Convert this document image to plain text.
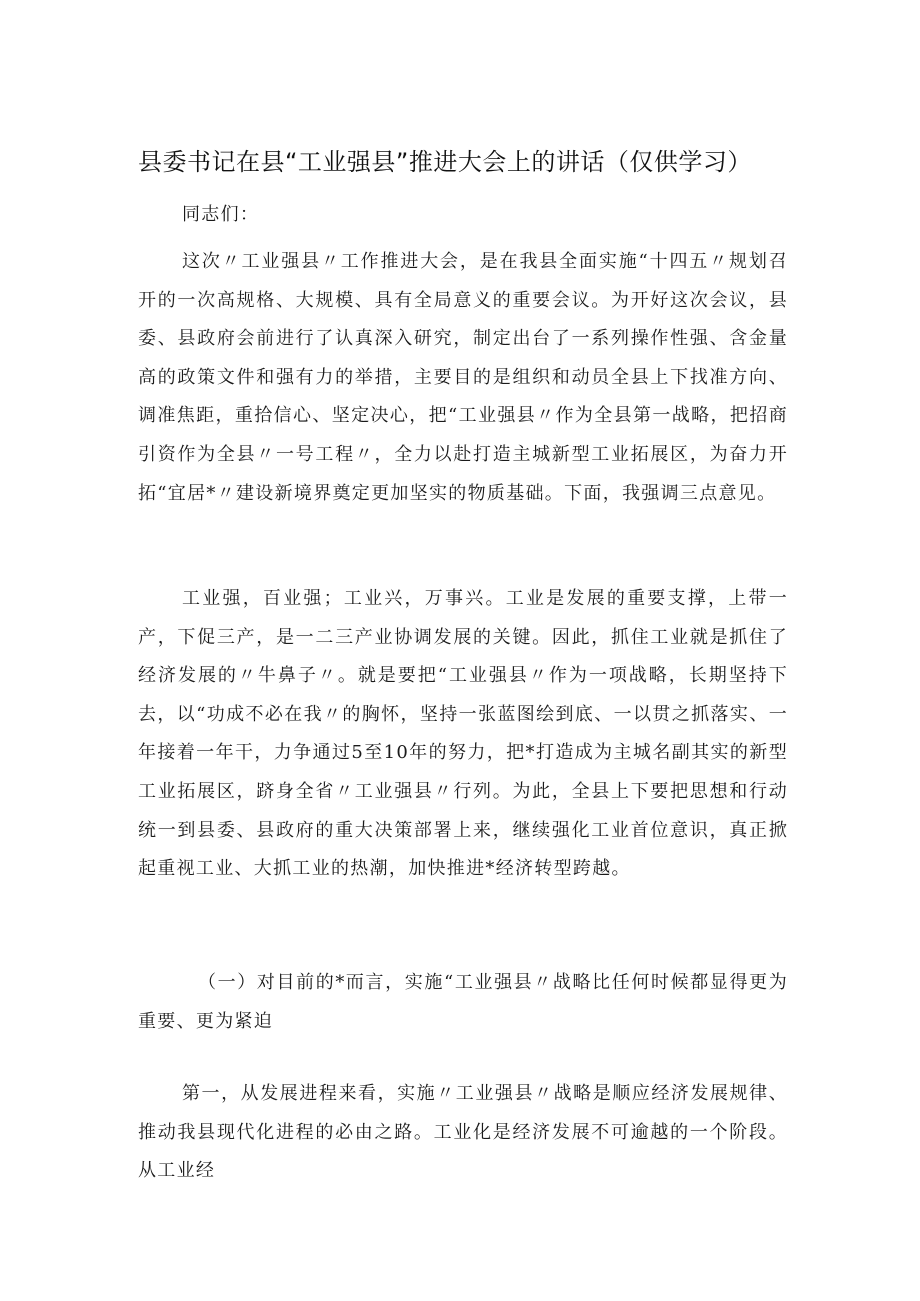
县委书记在县“工业强县”推进大会上的讲话（仅供学习）

同志们：

这次〃工业强县〃工作推进大会，是在我县全面实施“十四五〃规划召开的一次高规格、大规模、具有全局意义的重要会议。为开好这次会议，县委、县政府会前进行了认真深入研究，制定出台了一系列操作性强、含金量高的政策文件和强有力的举措，主要目的是组织和动员全县上下找准方向、调准焦距，重拾信心、坚定决心，把“工业强县〃作为全县第一战略，把招商引资作为全县〃一号工程〃，全力以赴打造主城新型工业拓展区，为奋力开拓“宜居*〃建设新境界奠定更加坚实的物质基础。下面，我强调三点意见。

工业强，百业强；工业兴，万事兴。工业是发展的重要支撑，上带一产，下促三产，是一二三产业协调发展的关键。因此，抓住工业就是抓住了经济发展的〃牛鼻子〃。就是要把“工业强县〃作为一项战略，长期坚持下去，以“功成不必在我〃的胸怀，坚持一张蓝图绘到底、一以贯之抓落实、一年接着一年干，力争通过5至10年的努力，把*打造成为主城名副其实的新型工业拓展区，跻身全省〃工业强县〃行列。为此，全县上下要把思想和行动统一到县委、县政府的重大决策部署上来，继续强化工业首位意识，真正掀起重视工业、大抓工业的热潮，加快推进*经济转型跨越。

（一）对目前的*而言，实施“工业强县〃战略比任何时候都显得更为重要、更为紧迫

第一，从发展进程来看，实施〃工业强县〃战略是顺应经济发展规律、推动我县现代化进程的必由之路。工业化是经济发展不可逾越的一个阶段。从工业经
